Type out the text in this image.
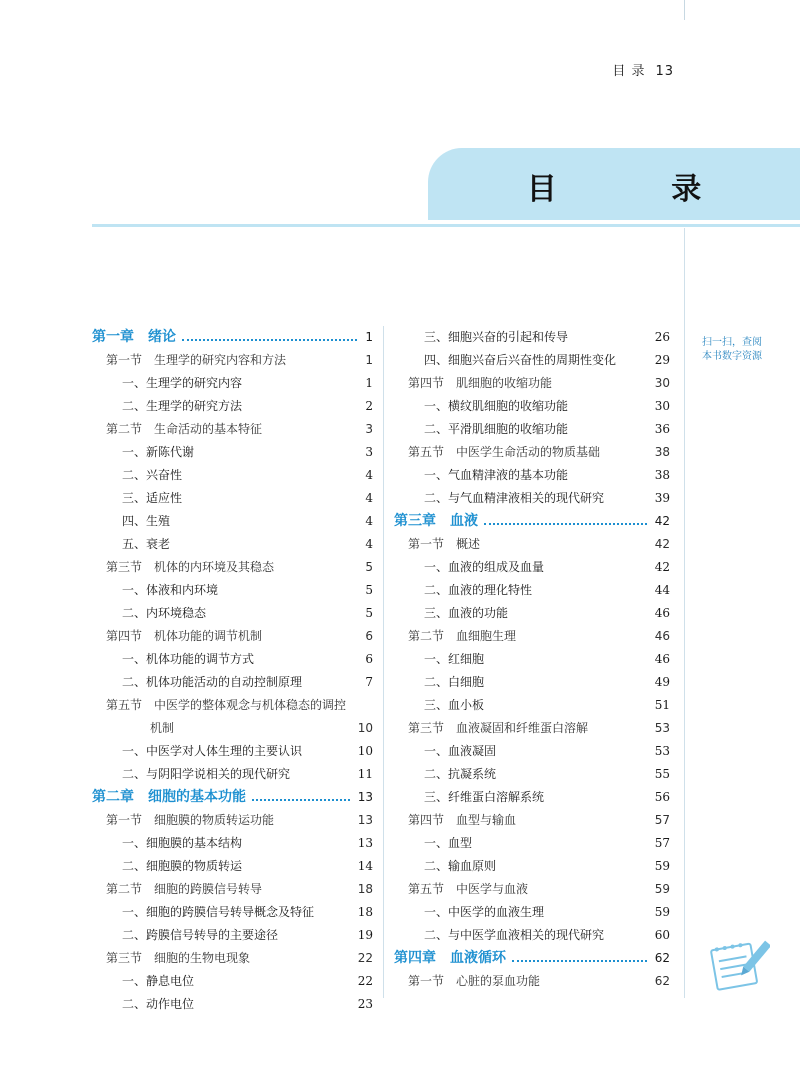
目 录 13
目 录
扫一扫，查阅
本书数字资源
第一章　绪论	1
第一节　生理学的研究内容和方法	1
一、生理学的研究内容	1
二、生理学的研究方法	2
第二节　生命活动的基本特征	3
一、新陈代谢	3
二、兴奋性	4
三、适应性	4
四、生殖	4
五、衰老	4
第三节　机体的内环境及其稳态	5
一、体液和内环境	5
二、内环境稳态	5
第四节　机体功能的调节机制	6
一、机体功能的调节方式	6
二、机体功能活动的自动控制原理	7
第五节　中医学的整体观念与机体稳态的调控
机制	10
一、中医学对人体生理的主要认识	10
二、与阴阳学说相关的现代研究	11
第二章　细胞的基本功能	13
第一节　细胞膜的物质转运功能	13
一、细胞膜的基本结构	13
二、细胞膜的物质转运	14
第二节　细胞的跨膜信号转导	18
一、细胞的跨膜信号转导概念及特征	18
二、跨膜信号转导的主要途径	19
第三节　细胞的生物电现象	22
一、静息电位	22
二、动作电位	23
三、细胞兴奋的引起和传导	26
四、细胞兴奋后兴奋性的周期性变化	29
第四节　肌细胞的收缩功能	30
一、横纹肌细胞的收缩功能	30
二、平滑肌细胞的收缩功能	36
第五节　中医学生命活动的物质基础	38
一、气血精津液的基本功能	38
二、与气血精津液相关的现代研究	39
第三章　血液	42
第一节　概述	42
一、血液的组成及血量	42
二、血液的理化特性	44
三、血液的功能	46
第二节　血细胞生理	46
一、红细胞	46
二、白细胞	49
三、血小板	51
第三节　血液凝固和纤维蛋白溶解	53
一、血液凝固	53
二、抗凝系统	55
三、纤维蛋白溶解系统	56
第四节　血型与输血	57
一、血型	57
二、输血原则	59
第五节　中医学与血液	59
一、中医学的血液生理	59
二、与中医学血液相关的现代研究	60
第四章　血液循环	62
第一节　心脏的泵血功能	62
